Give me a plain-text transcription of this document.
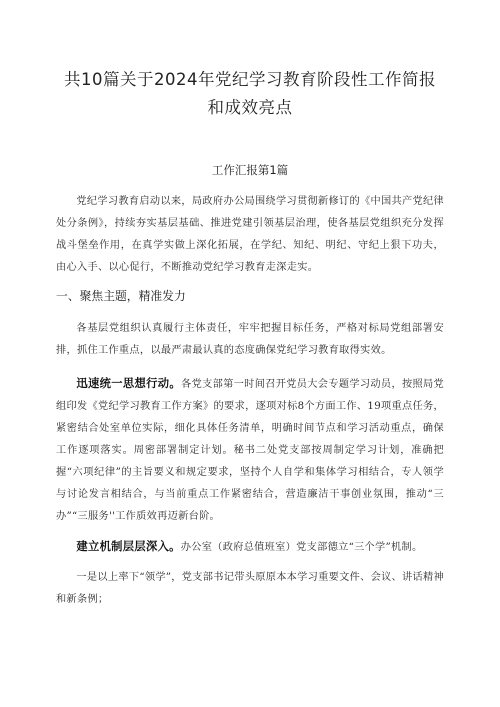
共10篇关于2024年党纪学习教育阶段性工作简报
和成效亮点
工作汇报第1篇

党纪学习教育启动以来，局政府办公局围绕学习贯彻新修订的《中国共产党纪律处分条例》，持续夯实基层基础、推进党建引领基层治理，使各基层党组织充分发挥战斗堡垒作用，在真学实做上深化拓展，在学纪、知纪、明纪、守纪上狠下功夫，由心入手、以心促行，不断推动党纪学习教育走深走实。

一、聚焦主题，精准发力

各基层党组织认真履行主体责任，牢牢把握目标任务，严格对标局党组部署安排，抓住工作重点，以最严肃最认真的态度确保党纪学习教育取得实效。

迅速统一思想行动。各党支部第一时间召开党员大会专题学习动员，按照局党组印发《党纪学习教育工作方案》的要求，逐项对标8个方面工作、19项重点任务，紧密结合处室单位实际，细化具体任务清单，明确时间节点和学习活动重点，确保工作逐项落实。周密部署制定计划。秘书二处党支部按周制定学习计划，准确把握“六项纪律”的主旨要义和规定要求，坚持个人自学和集体学习相结合，专人领学与讨论发言相结合，与当前重点工作紧密结合，营造廉洁干事创业氛围，推动“三办”“三服务''工作质效再迈新台阶。

建立机制层层深入。办公室（政府总值班室）党支部德立“三个学”机制。

一是以上率下“领学”，党支部书记带头原原本本学习重要文件、会议、讲话精神和新条例；
